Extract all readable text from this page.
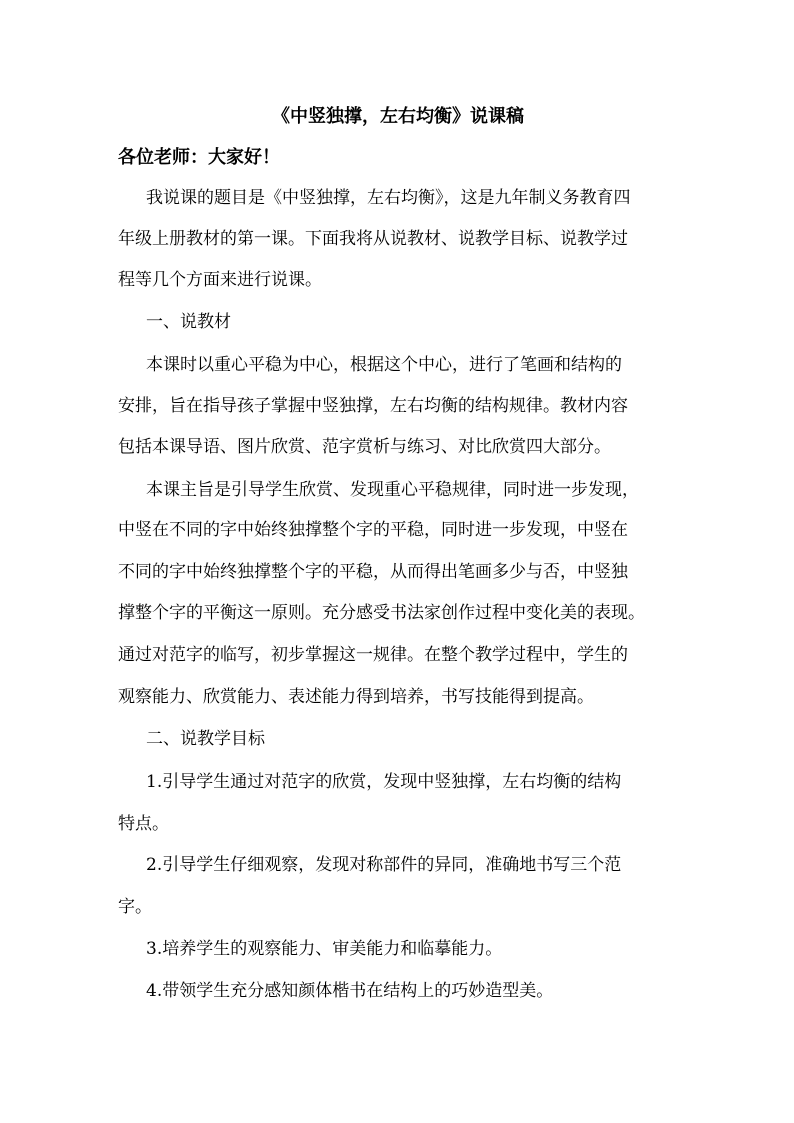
《中竖独撑，左右均衡》说课稿
各位老师：大家好！
我说课的题目是《中竖独撑，左右均衡》，这是九年制义务教育四
年级上册教材的第一课。下面我将从说教材、说教学目标、说教学过
程等几个方面来进行说课。
一、说教材
本课时以重心平稳为中心，根据这个中心，进行了笔画和结构的
安排，旨在指导孩子掌握中竖独撑，左右均衡的结构规律。教材内容
包括本课导语、图片欣赏、范字赏析与练习、对比欣赏四大部分。
本课主旨是引导学生欣赏、发现重心平稳规律，同时进一步发现，
中竖在不同的字中始终独撑整个字的平稳，同时进一步发现，中竖在
不同的字中始终独撑整个字的平稳，从而得出笔画多少与否，中竖独
撑整个字的平衡这一原则。充分感受书法家创作过程中变化美的表现。
通过对范字的临写，初步掌握这一规律。在整个教学过程中，学生的
观察能力、欣赏能力、表述能力得到培养，书写技能得到提高。
二、说教学目标
1.引导学生通过对范字的欣赏，发现中竖独撑，左右均衡的结构
特点。
2.引导学生仔细观察，发现对称部件的异同，准确地书写三个范
字。
3.培养学生的观察能力、审美能力和临摹能力。
4.带领学生充分感知颜体楷书在结构上的巧妙造型美。
